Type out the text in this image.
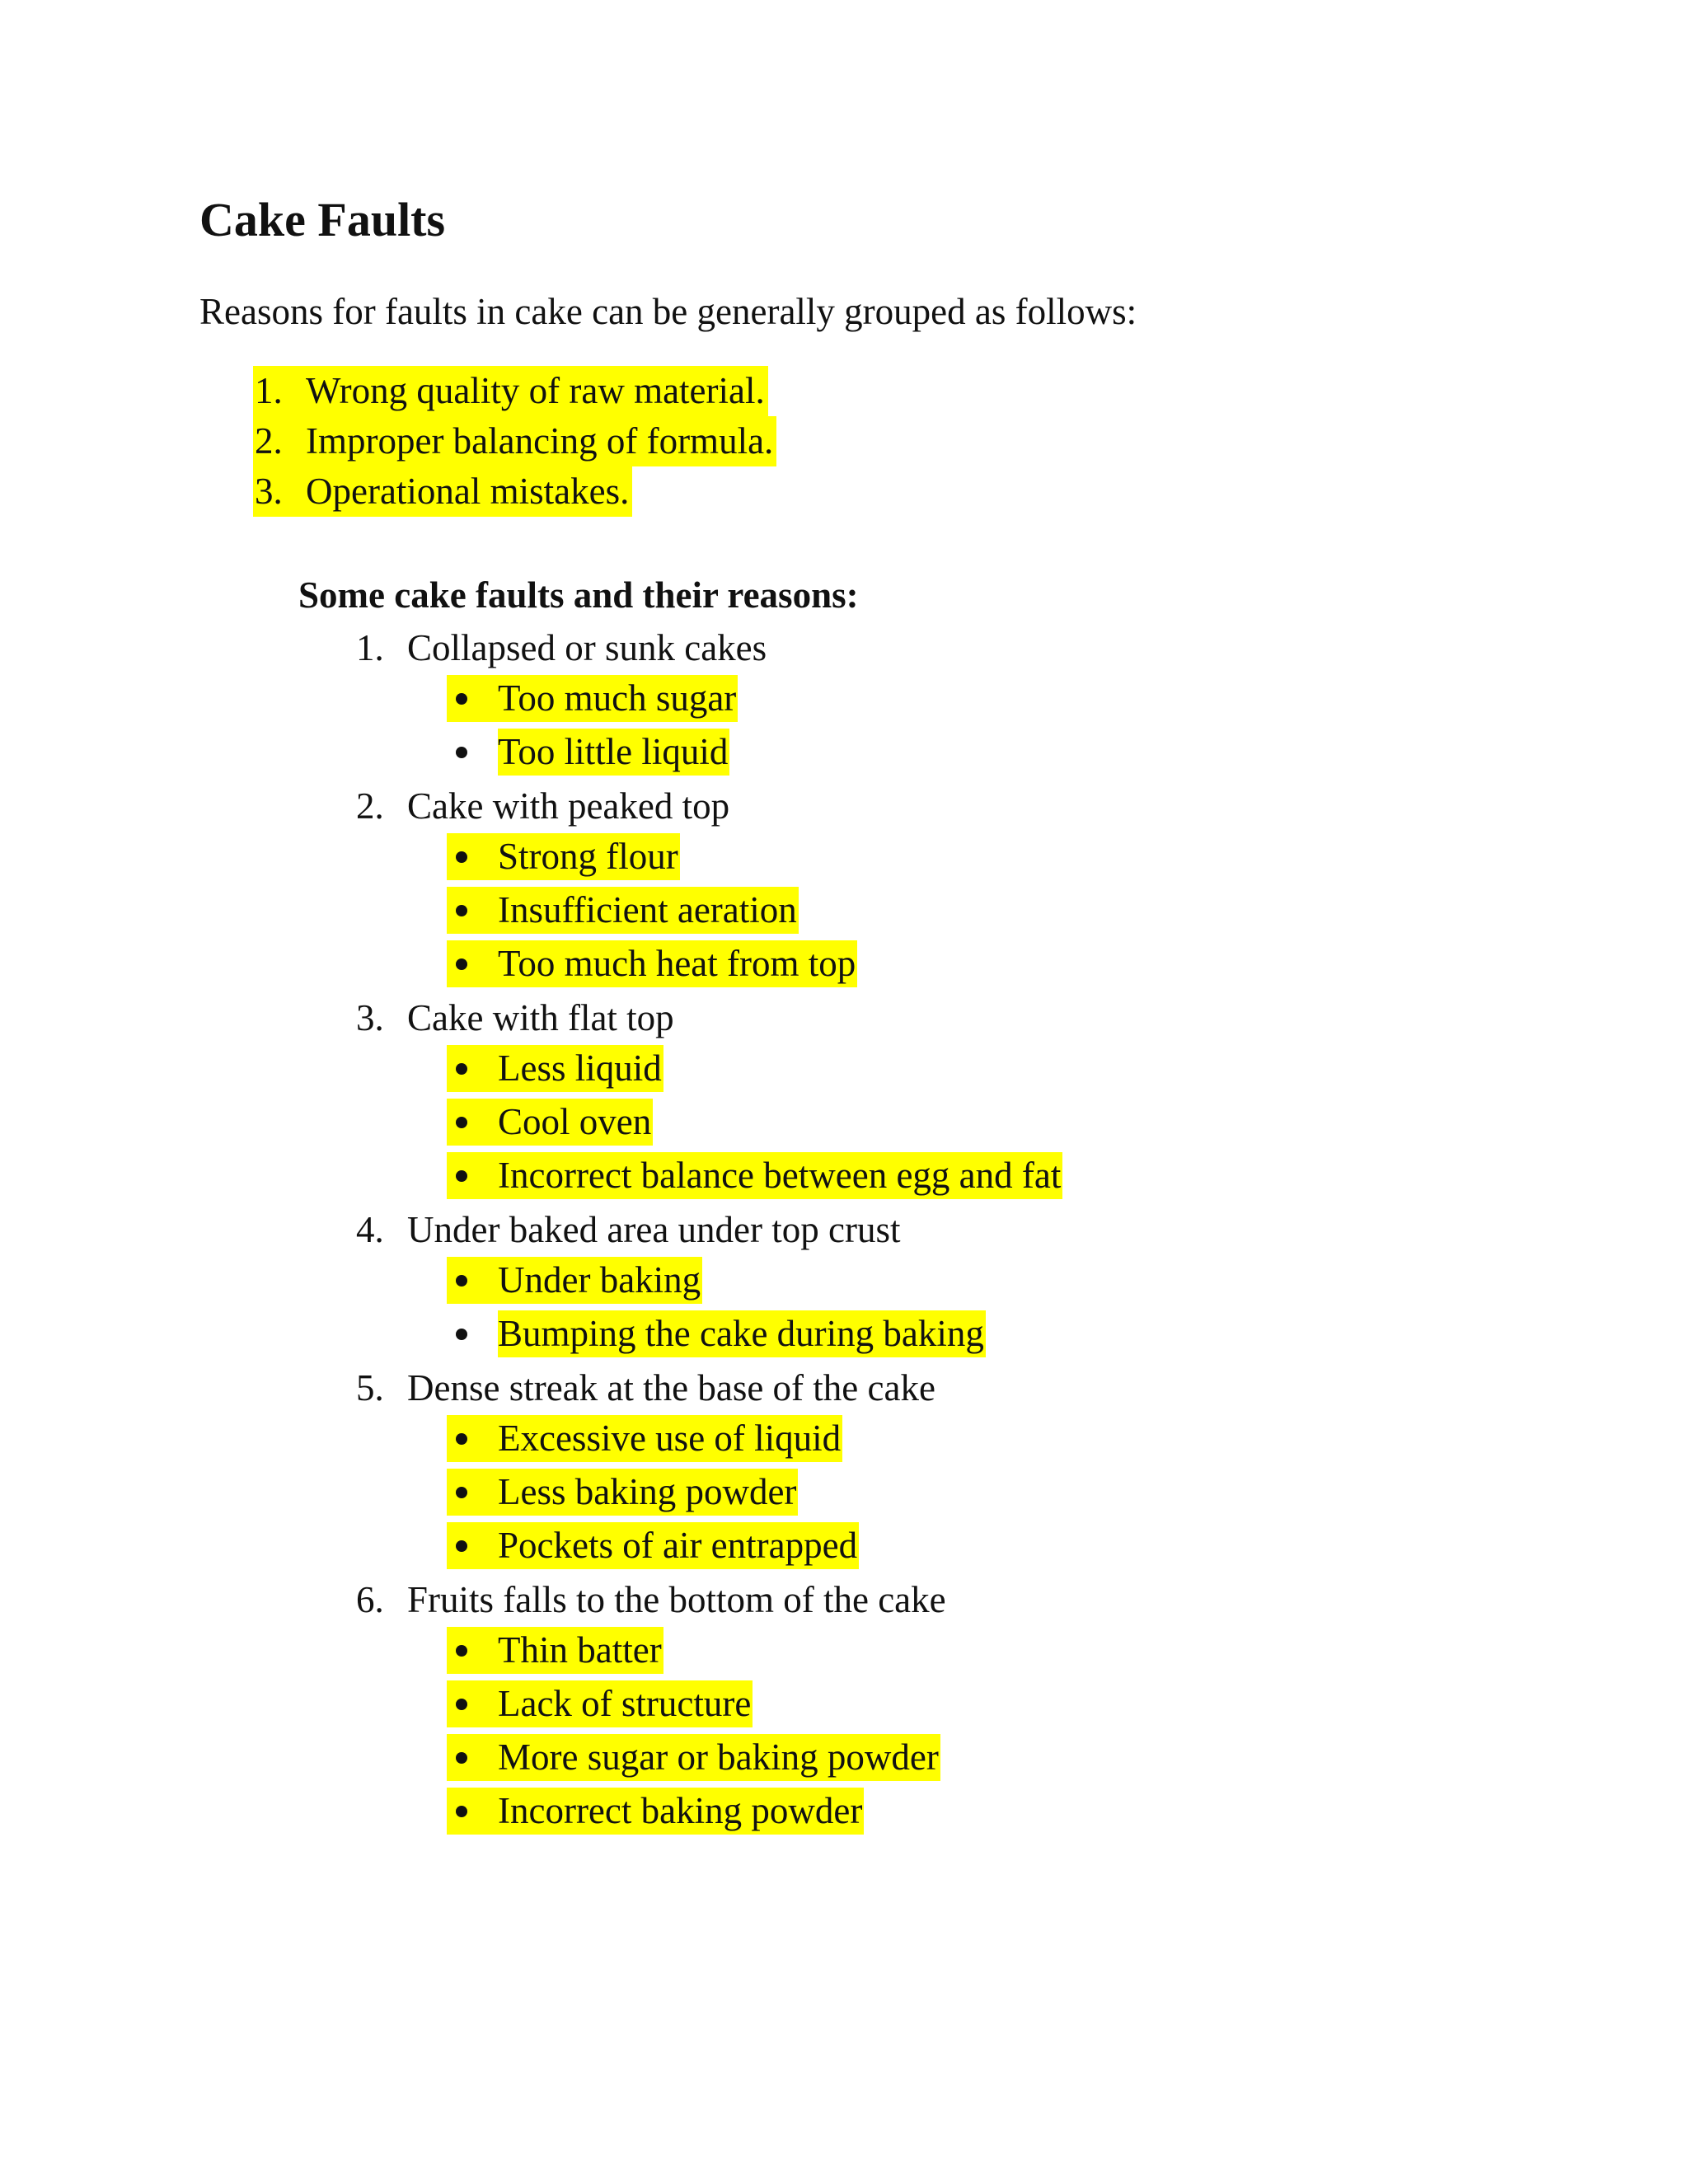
Cake Faults

Reasons for faults in cake can be generally grouped as follows:

1. Wrong quality of raw material.
2. Improper balancing of formula.
3. Operational mistakes.
Some cake faults and their reasons:
1. Collapsed or sunk cakes
Too much sugar
Too little liquid
2. Cake with peaked top
Strong flour
Insufficient aeration
Too much heat from top
3. Cake with flat top
Less liquid
Cool oven
Incorrect balance between egg and fat
4. Under baked area under top crust
Under baking
Bumping the cake during baking
5. Dense streak at the base of the cake
Excessive use of liquid
Less baking powder
Pockets of air entrapped
6. Fruits falls to the bottom of the cake
Thin batter
Lack of structure
More sugar or baking powder
Incorrect baking powder
